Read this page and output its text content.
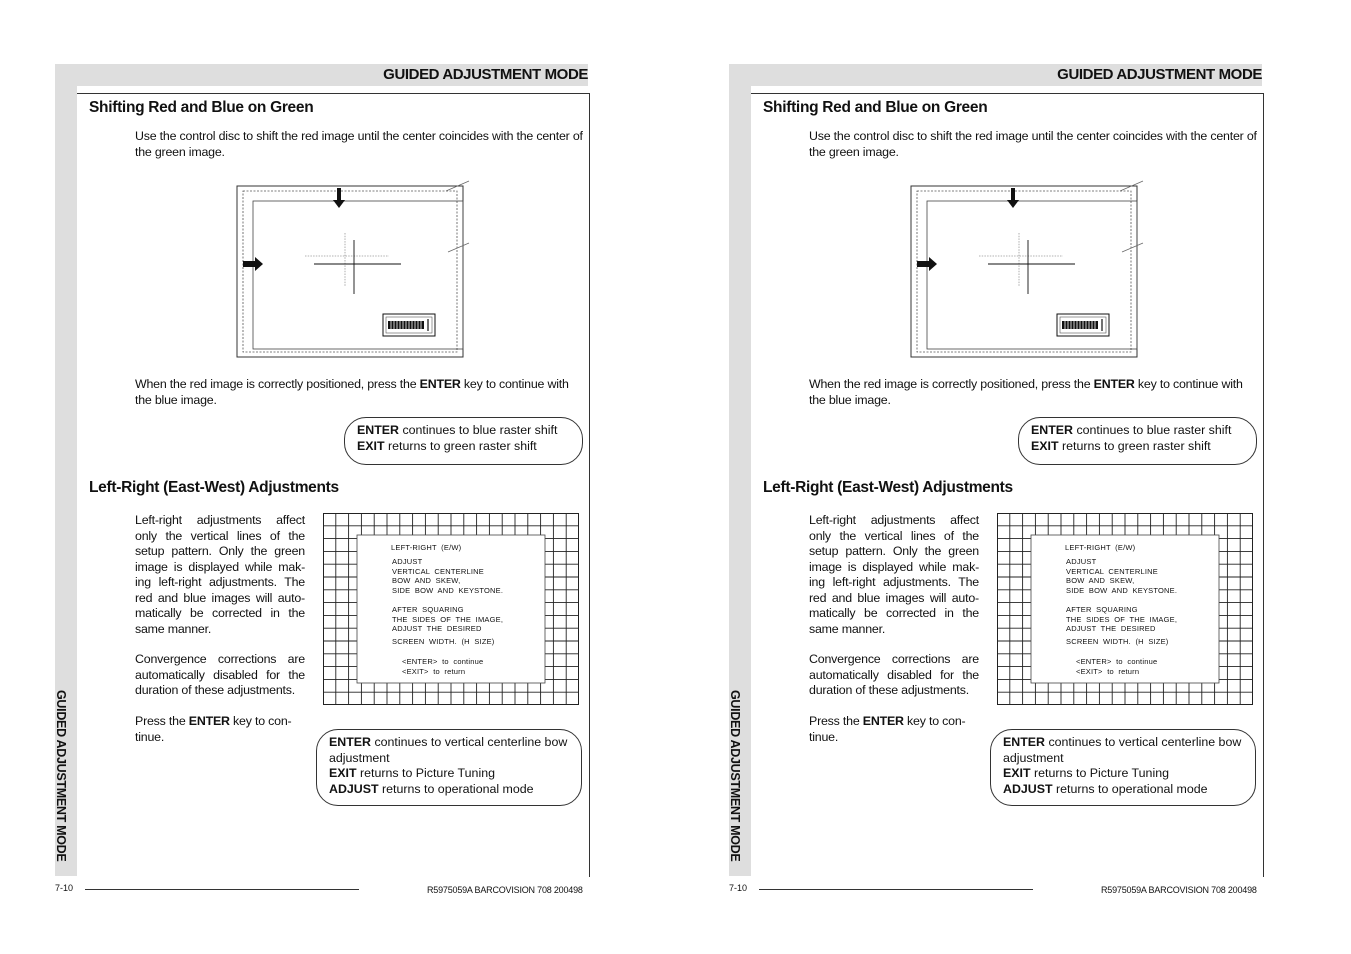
GUIDED ADJUSTMENT MODE
GUIDED ADJUSTMENT MODE
Shifting Red and Blue on Green
Use the control disc to shift the red image until the center coincides with the center of the green image.
When the red image is correctly positioned, press the ENTER key to continue with the blue image.
ENTER continues to blue raster shift
EXIT returns to green raster shift
Left-Right (East-West) Adjustments
Left-right adjustments affect only the vertical lines of the setup pattern. Only the green image is displayed while mak-ing left-right adjustments. The red and blue images will auto-matically be corrected in the same manner.
Convergence corrections are automatically disabled for the duration of these adjustments.
Press the ENTER key to con-tinue.
LEFT-RIGHT  (E/W)
ADJUST
VERTICAL  CENTERLINE
BOW  AND  SKEW,
SIDE  BOW  AND  KEYSTONE.
AFTER  SQUARING
THE  SIDES  OF  THE  IMAGE,
ADJUST  THE  DESIRED
SCREEN  WIDTH.  (H  SIZE)
<ENTER>  to  continue
<EXIT>  to  return
ENTER continues to vertical centerline bow adjustment
EXIT returns to Picture Tuning
ADJUST returns to operational mode
7-10	R5975059A BARCOVISION 708 200498
GUIDED ADJUSTMENT MODE
GUIDED ADJUSTMENT MODE
Shifting Red and Blue on Green
Use the control disc to shift the red image until the center coincides with the center of the green image.
When the red image is correctly positioned, press the ENTER key to continue with the blue image.
ENTER continues to blue raster shift
EXIT returns to green raster shift
Left-Right (East-West) Adjustments
Left-right adjustments affect only the vertical lines of the setup pattern. Only the green image is displayed while mak-ing left-right adjustments. The red and blue images will auto-matically be corrected in the same manner.
Convergence corrections are automatically disabled for the duration of these adjustments.
Press the ENTER key to con-tinue.
LEFT-RIGHT  (E/W)
ADJUST
VERTICAL  CENTERLINE
BOW  AND  SKEW,
SIDE  BOW  AND  KEYSTONE.
AFTER  SQUARING
THE  SIDES  OF  THE  IMAGE,
ADJUST  THE  DESIRED
SCREEN  WIDTH.  (H  SIZE)
<ENTER>  to  continue
<EXIT>  to  return
ENTER continues to vertical centerline bow adjustment
EXIT returns to Picture Tuning
ADJUST returns to operational mode
7-10	R5975059A BARCOVISION 708 200498
